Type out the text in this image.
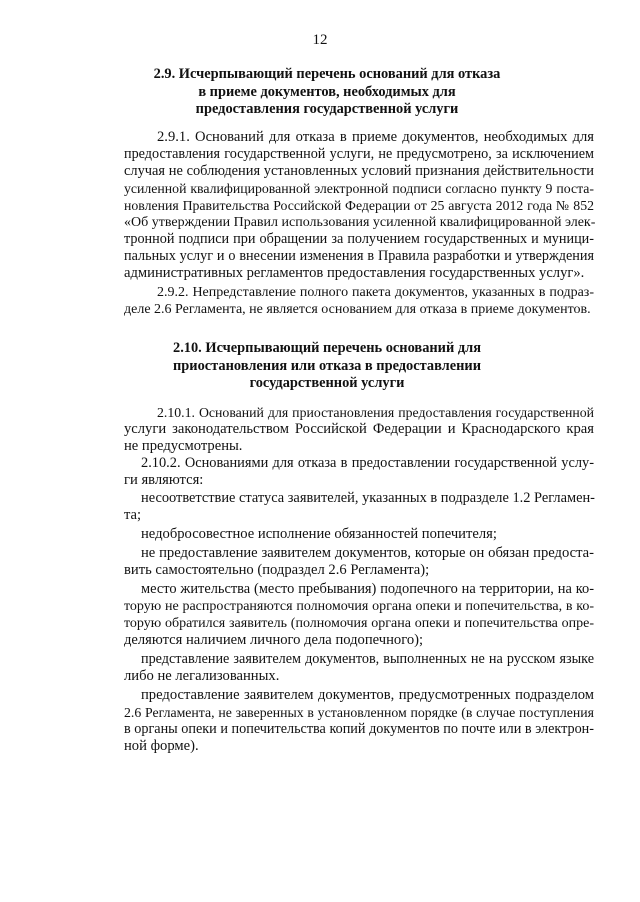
12
2.9. Исчерпывающий перечень оснований для отказа
в приеме документов, необходимых для
предоставления государственной услуги
2.9.1. Оснований для отказа в приеме документов, необходимых для
предоставления государственной услуги, не предусмотрено, за исключением
случая не соблюдения установленных условий признания действительности
усиленной квалифицированной электронной подписи согласно пункту 9 поста-
новления Правительства Российской Федерации от 25 августа 2012 года № 852
«Об утверждении Правил использования усиленной квалифицированной элек-
тронной подписи при обращении за получением государственных и муници-
пальных услуг и о внесении изменения в Правила разработки и утверждения
административных регламентов предоставления государственных услуг».
2.9.2. Непредставление полного пакета документов, указанных в подраз-
деле 2.6 Регламента, не является основанием для отказа в приеме документов.
2.10. Исчерпывающий перечень оснований для
приостановления или отказа в предоставлении
государственной услуги
2.10.1. Оснований для приостановления предоставления государственной
услуги законодательством Российской Федерации и Краснодарского края
не предусмотрены.
2.10.2. Основаниями для отказа в предоставлении государственной услу-
ги являются:
несоответствие статуса заявителей, указанных в подразделе 1.2 Регламен-
та;
недобросовестное исполнение обязанностей попечителя;
не предоставление заявителем документов, которые он обязан предоста-
вить самостоятельно (подраздел 2.6 Регламента);
место жительства (место пребывания) подопечного на территории, на ко-
торую не распространяются полномочия органа опеки и попечительства, в ко-
торую обратился заявитель (полномочия органа опеки и попечительства опре-
деляются наличием личного дела подопечного);
представление заявителем документов, выполненных не на русском языке
либо не легализованных.
предоставление заявителем документов, предусмотренных подразделом
2.6 Регламента, не заверенных в установленном порядке (в случае поступления
в органы опеки и попечительства копий документов по почте или в электрон-
ной форме).
